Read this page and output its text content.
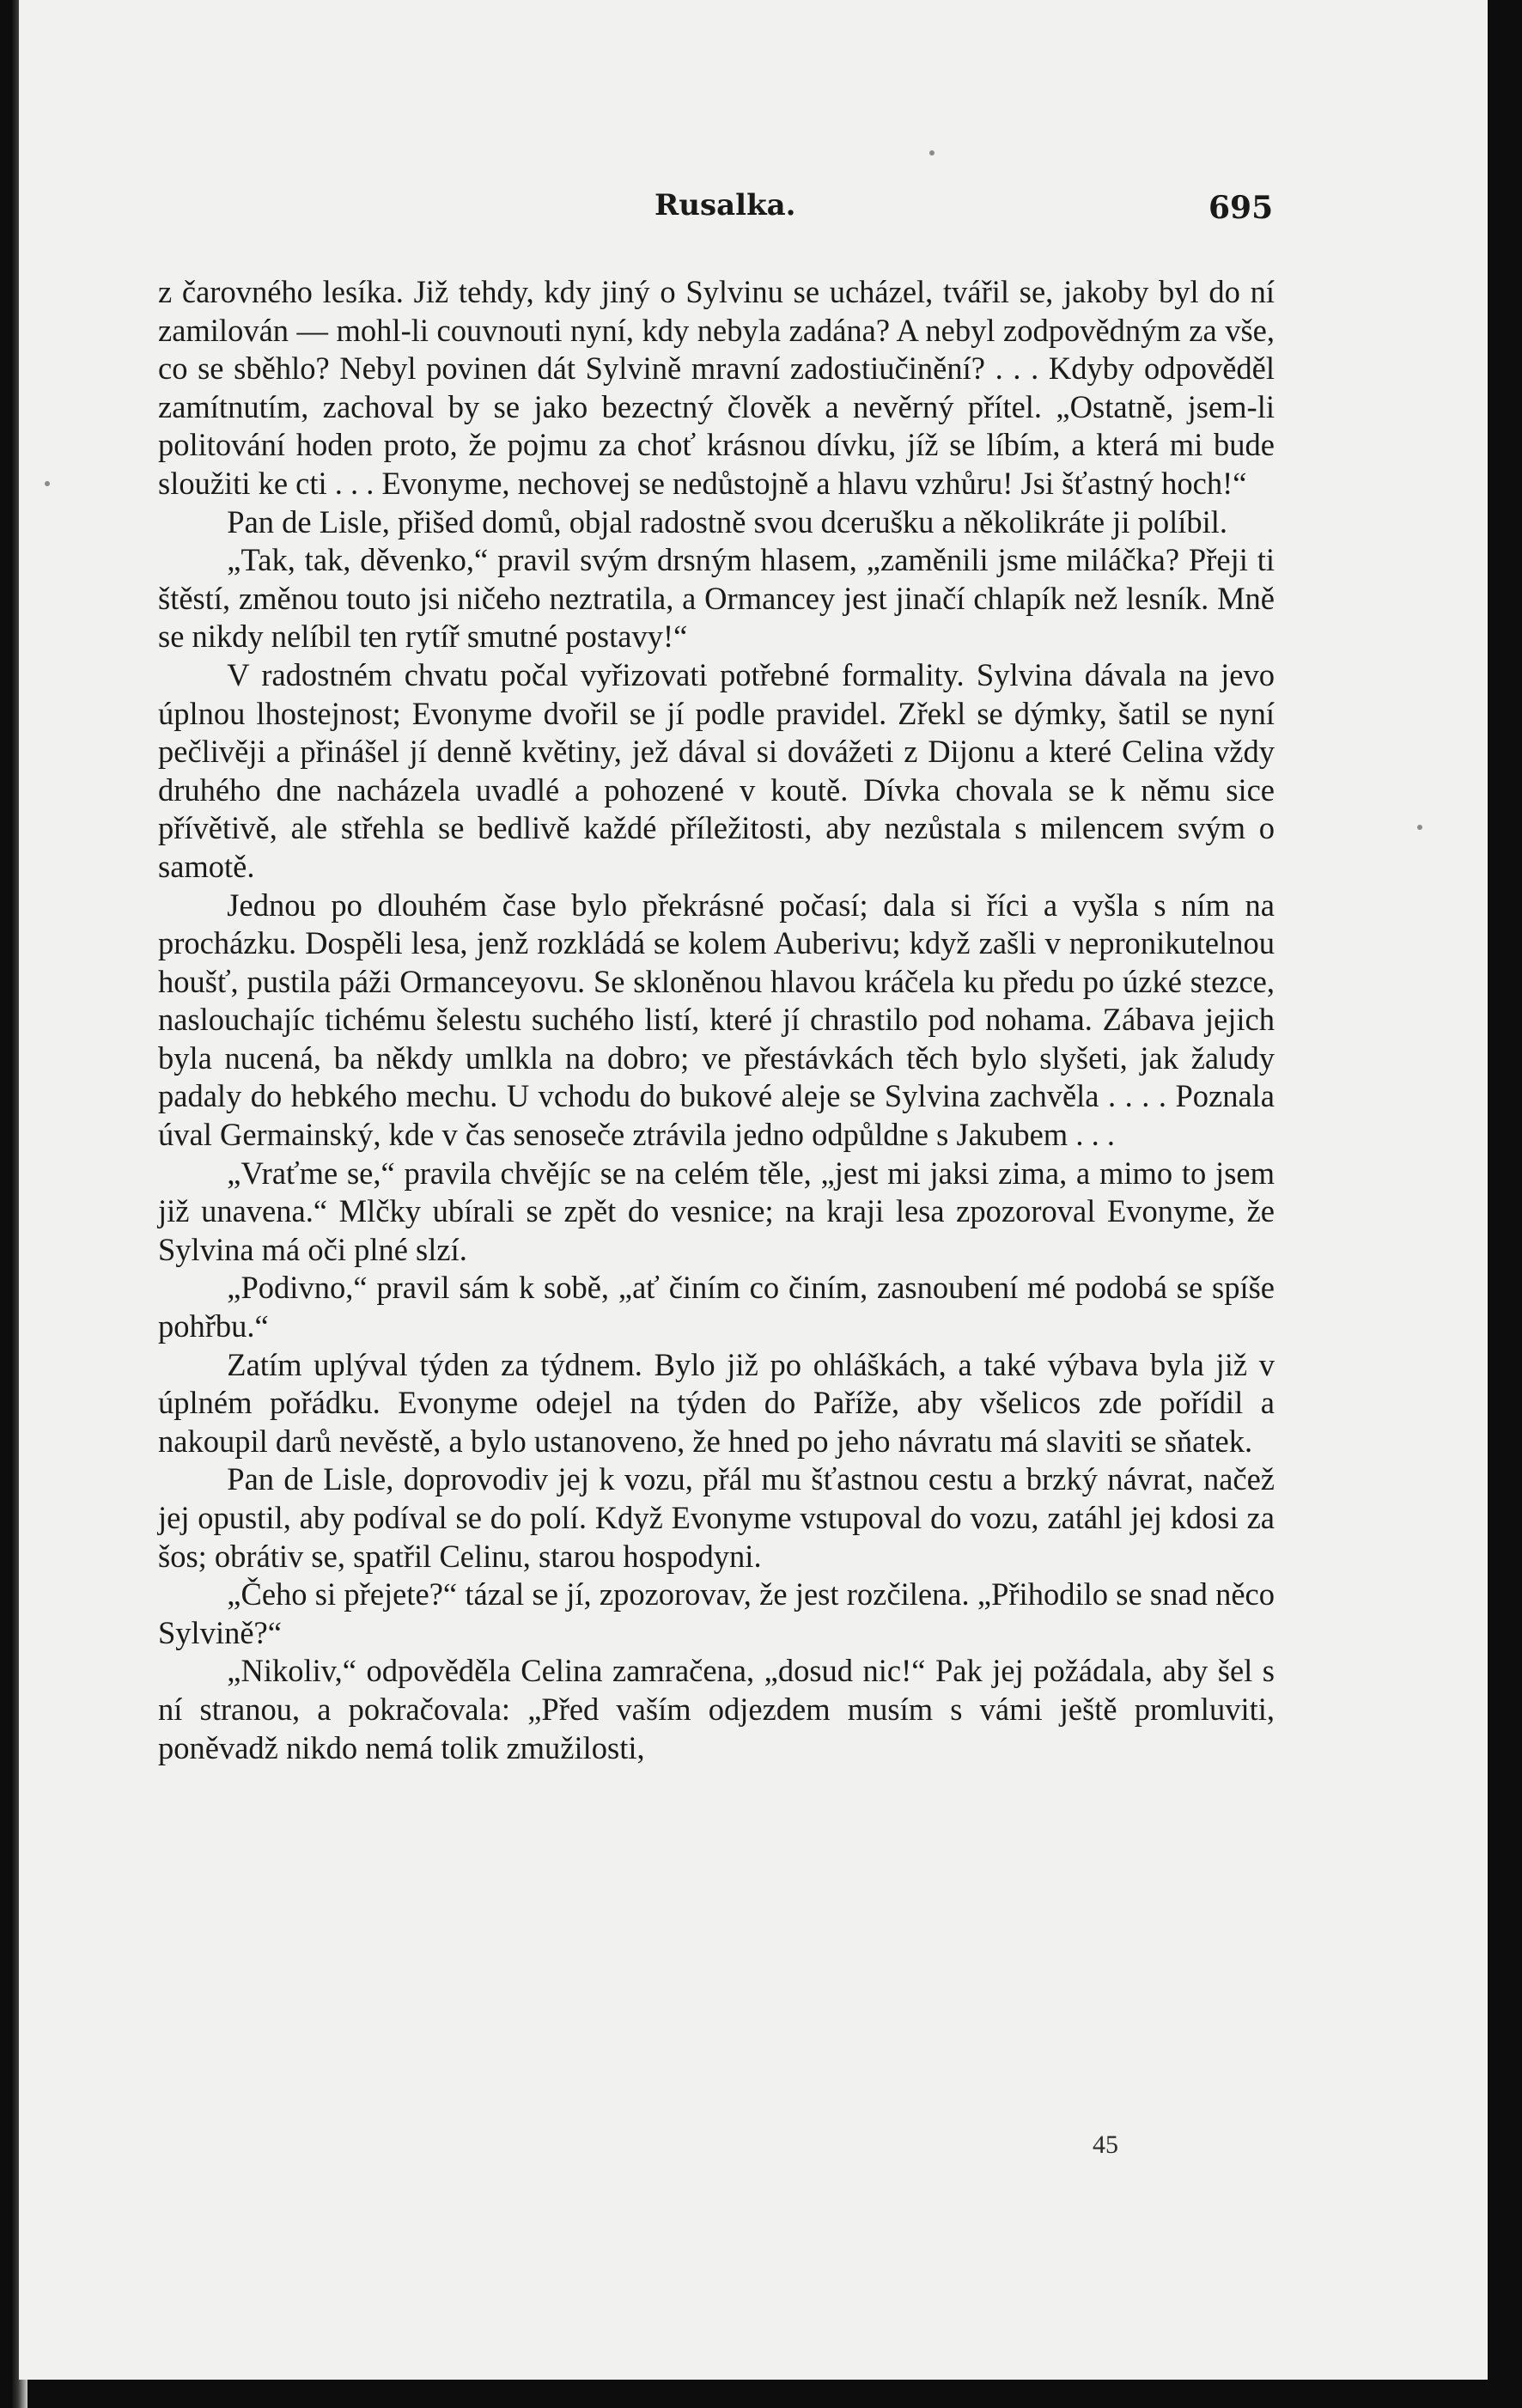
Rusalka.	695

z čarovného lesíka. Již tehdy, kdy jiný o Sylvinu se ucházel, tvářil se, jakoby byl do ní zamilován — mohl-li couvnouti nyní, kdy nebyla zadána? A nebyl zodpovědným za vše, co se sběhlo? Nebyl povinen dát Sylvině mravní zadostiučinění? . . . Kdyby odpověděl zamítnutím, zachoval by se jako bezectný člověk a nevěrný přítel. „Ostatně, jsem-li politování hoden proto, že pojmu za choť krásnou dívku, jíž se líbím, a která mi bude sloužiti ke cti . . . Evonyme, nechovej se nedůstojně a hlavu vzhůru! Jsi šťastný hoch!“

Pan de Lisle, přišed domů, objal radostně svou dcerušku a několikráte ji políbil.

„Tak, tak, děvenko,“ pravil svým drsným hlasem, „zaměnili jsme miláčka? Přeji ti štěstí, změnou touto jsi ničeho neztratila, a Ormancey jest jinačí chlapík než lesník. Mně se nikdy nelíbil ten rytíř smutné postavy!“

V radostném chvatu počal vyřizovati potřebné formality. Sylvina dávala na jevo úplnou lhostejnost; Evonyme dvořil se jí podle pravidel. Zřekl se dýmky, šatil se nyní pečlivěji a přinášel jí denně květiny, jež dával si dovážeti z Dijonu a které Celina vždy druhého dne nacházela uvadlé a pohozené v koutě. Dívka chovala se k němu sice přívětivě, ale střehla se bedlivě každé příležitosti, aby nezůstala s milencem svým o samotě.

Jednou po dlouhém čase bylo překrásné počasí; dala si říci a vyšla s ním na procházku. Dospěli lesa, jenž rozkládá se kolem Auberivu; když zašli v nepronikutelnou houšť, pustila páži Ormanceyovu. Se skloněnou hlavou kráčela ku předu po úzké stezce, naslouchajíc tichému šelestu suchého listí, které jí chrastilo pod nohama. Zábava jejich byla nucená, ba někdy umlkla na dobro; ve přestávkách těch bylo slyšeti, jak žaludy padaly do hebkého mechu. U vchodu do bukové aleje se Sylvina zachvěla . . . . Poznala úval Germainský, kde v čas senoseče ztrávila jedno odpůldne s Jakubem . . .

„Vraťme se,“ pravila chvějíc se na celém těle, „jest mi jaksi zima, a mimo to jsem již unavena.“ Mlčky ubírali se zpět do vesnice; na kraji lesa zpozoroval Evonyme, že Sylvina má oči plné slzí.

„Podivno,“ pravil sám k sobě, „ať činím co činím, zasnoubení mé podobá se spíše pohřbu.“

Zatím uplýval týden za týdnem. Bylo již po ohláškách, a také výbava byla již v úplném pořádku. Evonyme odejel na týden do Paříže, aby všelicos zde pořídil a nakoupil darů nevěstě, a bylo ustanoveno, že hned po jeho návratu má slaviti se sňatek.

Pan de Lisle, doprovodiv jej k vozu, přál mu šťastnou cestu a brzký návrat, načež jej opustil, aby podíval se do polí. Když Evonyme vstupoval do vozu, zatáhl jej kdosi za šos; obrátiv se, spatřil Celinu, starou hospodyni.

„Čeho si přejete?“ tázal se jí, zpozorovav, že jest rozčilena. „Přihodilo se snad něco Sylvině?“

„Nikoliv,“ odpověděla Celina zamračena, „dosud nic!“ Pak jej požádala, aby šel s ní stranou, a pokračovala: „Před vaším odjezdem musím s vámi ještě promluviti, poněvadž nikdo nemá tolik zmužilosti,

45
